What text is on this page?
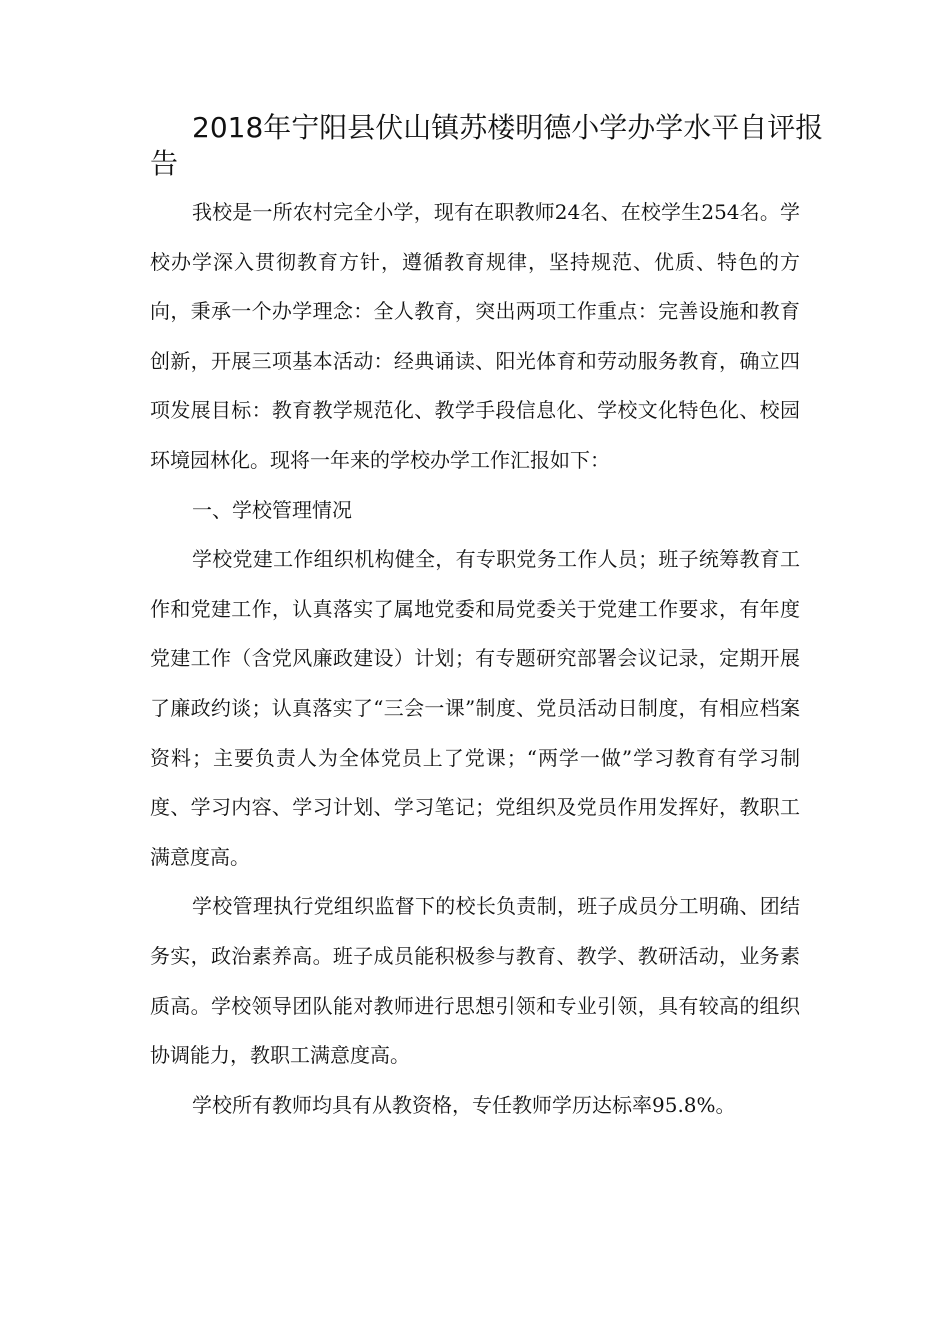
2018年宁阳县伏山镇苏楼明德小学办学水平自评报告

我校是一所农村完全小学，现有在职教师24名、在校学生254名。学校办学深入贯彻教育方针，遵循教育规律，坚持规范、优质、特色的方向，秉承一个办学理念：全人教育，突出两项工作重点：完善设施和教育创新，开展三项基本活动：经典诵读、阳光体育和劳动服务教育，确立四项发展目标：教育教学规范化、教学手段信息化、学校文化特色化、校园环境园林化。现将一年来的学校办学工作汇报如下：

一、学校管理情况

学校党建工作组织机构健全，有专职党务工作人员；班子统筹教育工作和党建工作，认真落实了属地党委和局党委关于党建工作要求，有年度党建工作（含党风廉政建设）计划；有专题研究部署会议记录，定期开展了廉政约谈；认真落实了“三会一课”制度、党员活动日制度，有相应档案资料；主要负责人为全体党员上了党课；“两学一做”学习教育有学习制度、学习内容、学习计划、学习笔记；党组织及党员作用发挥好，教职工满意度高。

学校管理执行党组织监督下的校长负责制，班子成员分工明确、团结务实，政治素养高。班子成员能积极参与教育、教学、教研活动，业务素质高。学校领导团队能对教师进行思想引领和专业引领，具有较高的组织协调能力，教职工满意度高。

学校所有教师均具有从教资格，专任教师学历达标率95.8%。
